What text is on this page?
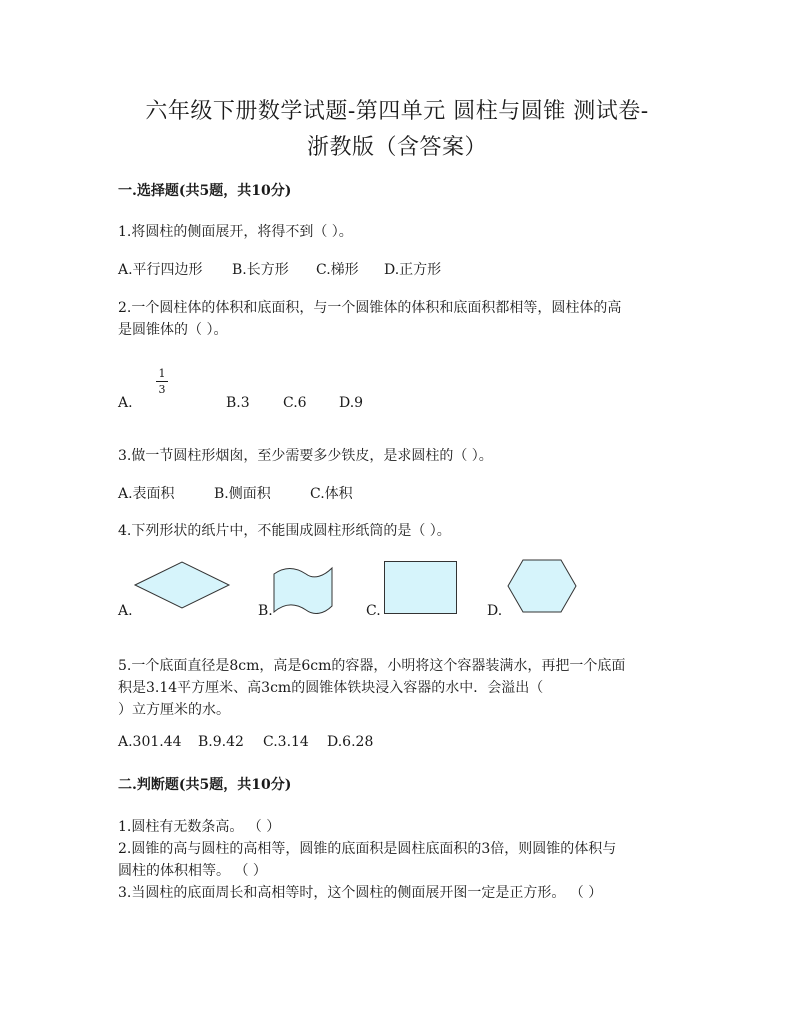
六年级下册数学试题-第四单元 圆柱与圆锥 测试卷-
浙教版（含答案）
一.选择题(共5题，共10分)
1.将圆柱的侧面展开，将得不到（ ）。
A.平行四边形 B.长方形 C.梯形 D.正方形
2.一个圆柱体的体积和底面积，与一个圆锥体的体积和底面积都相等，圆柱体的高
是圆锥体的（ ）。
A.
1
3
B.3 C.6 D.9
3.做一节圆柱形烟囱，至少需要多少铁皮，是求圆柱的（ ）。
A.表面积	B.侧面积	C.体积
4.下列形状的纸片中，不能围成圆柱形纸筒的是（ ）。
A.	B.	C.	D.
5.一个底面直径是8cm，高是6cm的容器，小明将这个容器装满水，再把一个底面
积是3.14平方厘米、高3cm的圆锥体铁块浸入容器的水中．会溢出（
）立方厘米的水。
A.301.44 B.9.42 C.3.14 D.6.28
二.判断题(共5题，共10分)
1.圆柱有无数条高。 （ ）
2.圆锥的高与圆柱的高相等，圆锥的底面积是圆柱底面积的3倍，则圆锥的体积与
圆柱的体积相等。 （ ）
3.当圆柱的底面周长和高相等时，这个圆柱的侧面展开图一定是正方形。 （ ）
